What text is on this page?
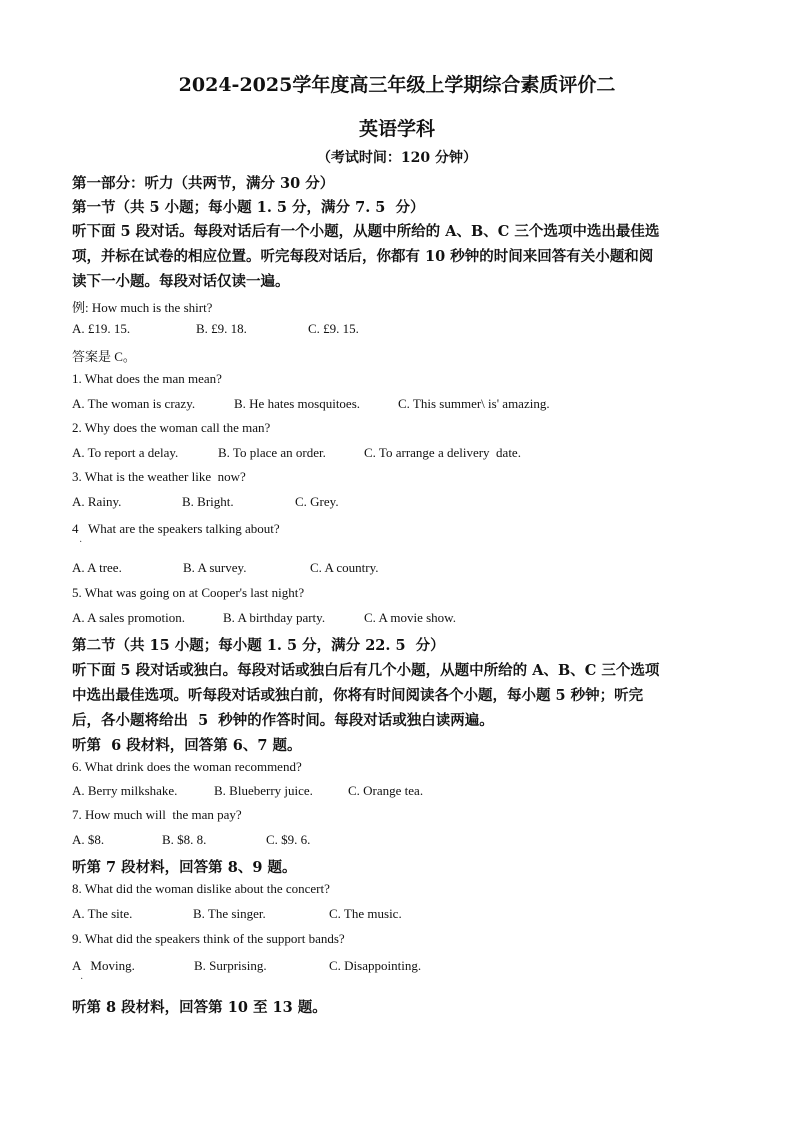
2024-2025学年度高三年级上学期综合素质评价二
英语学科
（考试时间：120 分钟）
第一部分：听力（共两节，满分 30 分）
第一节（共 5 小题；每小题 1. 5 分，满分 7. 5  分）
听下面 5 段对话。每段对话后有一个小题，从题中所给的 A、B、C 三个选项中选出最佳选
项，并标在试卷的相应位置。听完每段对话后，你都有 10 秒钟的时间来回答有关小题和阅
读下一小题。每段对话仅读一遍。
例: How much is the shirt?
A. £19. 15.	B. £9. 18.	C. £9. 15.
答案是 C。
1. What does the man mean?
A. The woman is crazy.	B. He hates mosquitoes.	C. This summer\ is' amazing.
2. Why does the woman call the man?
A. To report a delay.	B. To place an order.	C. To arrange a delivery  date.
3. What is the weather like  now?
A. Rainy.	B. Bright.	C. Grey.
4   What are the speakers talking about?
·
A. A tree.	B. A survey.	C. A country.
5. What was going on at Cooper's last night?
A. A sales promotion.	B. A birthday party.	C. A movie show.
第二节（共 15 小题；每小题 1. 5 分，满分 22. 5  分）
听下面 5 段对话或独白。每段对话或独白后有几个小题，从题中所给的 A、B、C 三个选项
中选出最佳选项。听每段对话或独白前，你将有时间阅读各个小题，每小题 5 秒钟；听完
后，各小题将给出  5  秒钟的作答时间。每段对话或独白读两遍。
听第  6 段材料，回答第 6、7 题。
6. What drink does the woman recommend?
A. Berry milkshake.	B. Blueberry juice.	C. Orange tea.
7. How much will  the man pay?
A. $8.	B. $8. 8.	C. $9. 6.
听第 7 段材料，回答第 8、9 题。
8. What did the woman dislike about the concert?
A. The site.	B. The singer.	C. The music.
9. What did the speakers think of the support bands?
A   Moving.	B. Surprising.	C. Disappointing.
·
听第 8 段材料，回答第 10 至 13 题。
